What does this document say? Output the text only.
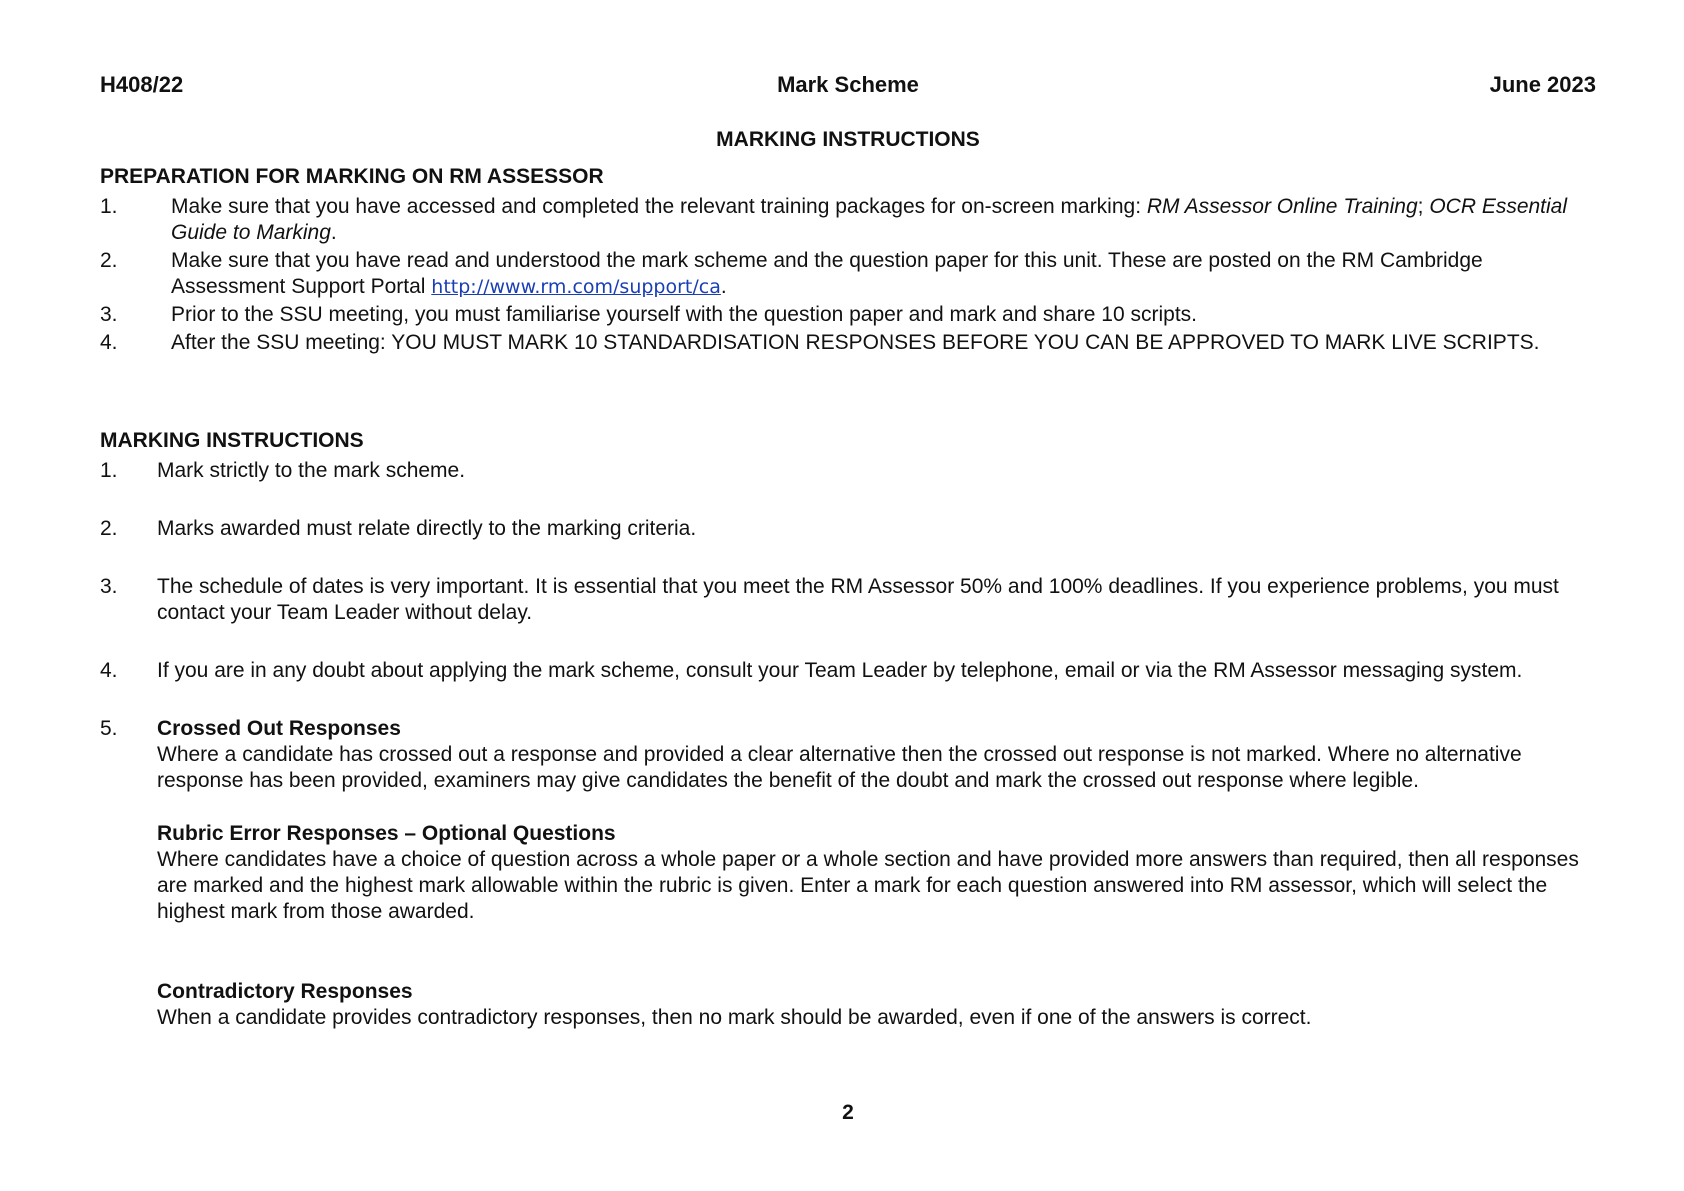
H408/22	Mark Scheme	June 2023
MARKING INSTRUCTIONS
PREPARATION FOR MARKING ON RM ASSESSOR
1.	Make sure that you have accessed and completed the relevant training packages for on-screen marking: RM Assessor Online Training; OCR Essential Guide to Marking.
2.	Make sure that you have read and understood the mark scheme and the question paper for this unit. These are posted on the RM Cambridge Assessment Support Portal http://www.rm.com/support/ca.
3.	Prior to the SSU meeting, you must familiarise yourself with the question paper and mark and share 10 scripts.
4.	After the SSU meeting: YOU MUST MARK 10 STANDARDISATION RESPONSES BEFORE YOU CAN BE APPROVED TO MARK LIVE SCRIPTS.
MARKING INSTRUCTIONS
1. Mark strictly to the mark scheme.
2. Marks awarded must relate directly to the marking criteria.
3. The schedule of dates is very important. It is essential that you meet the RM Assessor 50% and 100% deadlines. If you experience problems, you must contact your Team Leader without delay.
4. If you are in any doubt about applying the mark scheme, consult your Team Leader by telephone, email or via the RM Assessor messaging system.
5. Crossed Out Responses
Where a candidate has crossed out a response and provided a clear alternative then the crossed out response is not marked. Where no alternative response has been provided, examiners may give candidates the benefit of the doubt and mark the crossed out response where legible.
Rubric Error Responses – Optional Questions
Where candidates have a choice of question across a whole paper or a whole section and have provided more answers than required, then all responses are marked and the highest mark allowable within the rubric is given. Enter a mark for each question answered into RM assessor, which will select the highest mark from those awarded.
Contradictory Responses
When a candidate provides contradictory responses, then no mark should be awarded, even if one of the answers is correct.
2
